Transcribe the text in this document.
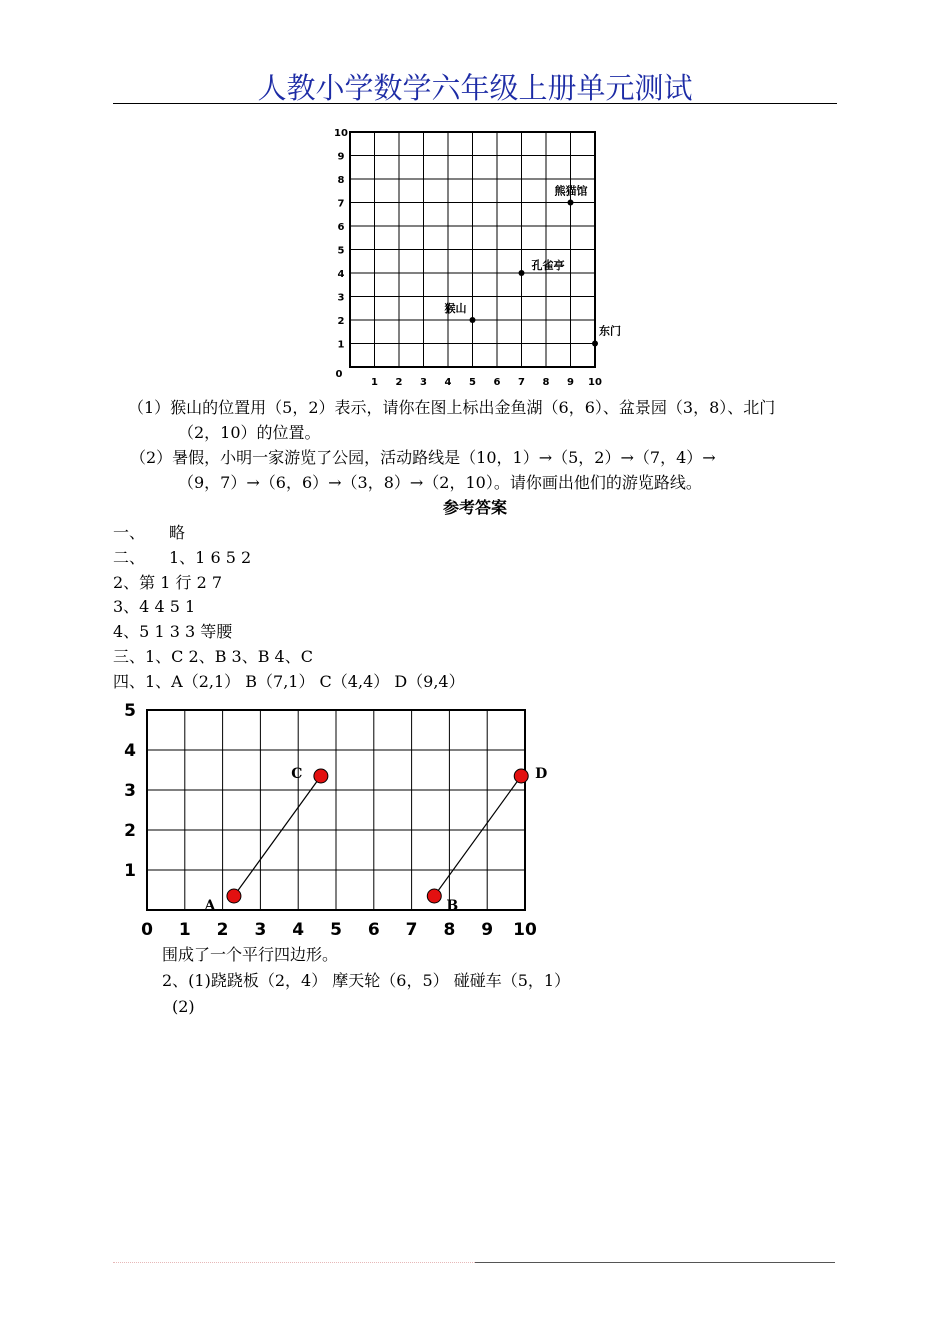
人教小学数学六年级上册单元测试
1 2 3 4 5 6 7 8 9 10
1
2
3
4
5
6
7
8
9
10
0
熊猫馆
孔雀亭
猴山
东门
（1）猴山的位置用（5，2）表示，请你在图上标出金鱼湖（6，6）、盆景园（3，8）、北门
（2，10）的位置。
（2）暑假，小明一家游览了公园，活动路线是（10，1）→（5，2）→（7，4）→
（9，7）→（6，6）→（3，8）→（2，10）。请你画出他们的游览路线。
参考答案
一、　　略
二、　　1、1 6 5 2
2、第 1 行 2 7
3、4 4 5 1
4、5 1 3 3 等腰
三、1、C 2、B 3、B 4、C
四、1、A（2,1） B（7,1） C（4,4） D（9,4）
0 1 2 3 4 5 6 7 8 9 10
1
2
3
4
5
A	B
C	D
围成了一个平行四边形。
2、(1)跷跷板（2，4） 摩天轮（6，5） 碰碰车（5，1）
(2)
